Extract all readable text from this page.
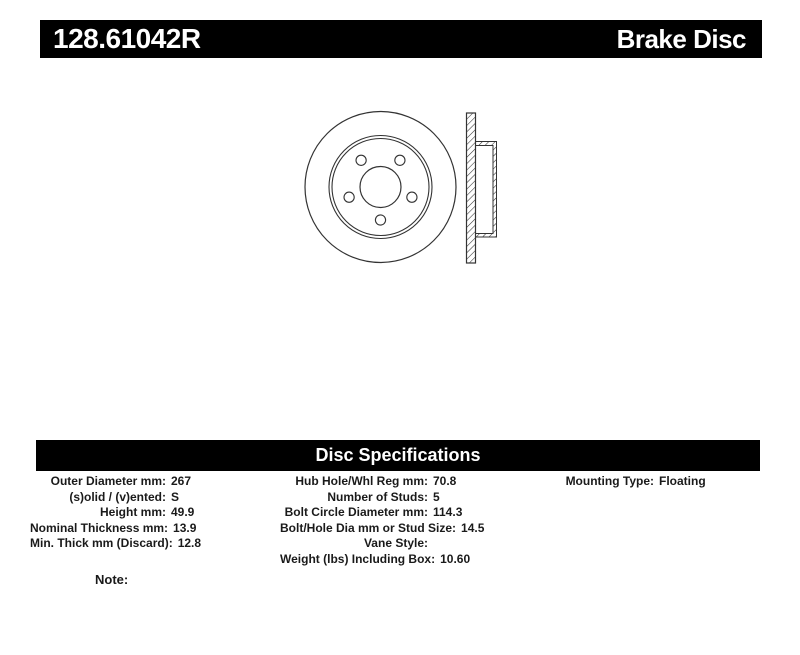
128.61042R	Brake Disc
Disc Specifications
Outer Diameter mm: 267
(s)olid / (v)ented: S
Height mm: 49.9
Nominal Thickness mm: 13.9
Min. Thick mm (Discard): 12.8
Hub Hole/Whl Reg mm: 70.8
Number of Studs: 5
Bolt Circle Diameter mm: 114.3
Bolt/Hole Dia mm or Stud Size: 14.5
Vane Style:
Weight (lbs) Including Box: 10.60
Mounting Type: Floating
Note:
